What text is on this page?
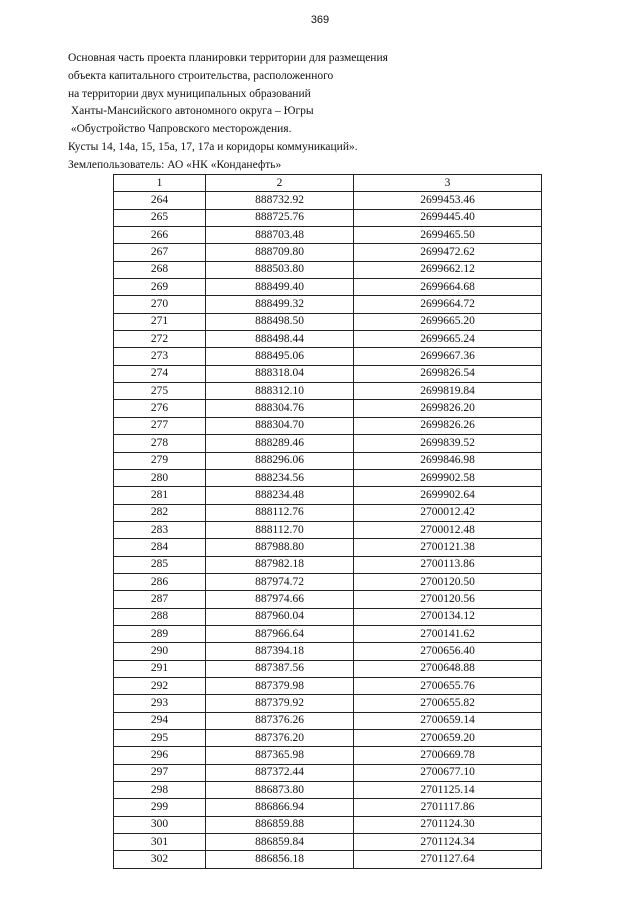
369
Основная часть проекта планировки территории для размещения
объекта капитального строительства, расположенного
на территории двух муниципальных образований
Ханты-Мансийского автономного округа – Югры
«Обустройство Чапровского месторождения.
Кусты 14, 14а, 15, 15а, 17, 17а и коридоры коммуникаций».
Землепользователь: АО «НК «Конданефть»
1	2	3
264	888732.92	2699453.46
265	888725.76	2699445.40
266	888703.48	2699465.50
267	888709.80	2699472.62
268	888503.80	2699662.12
269	888499.40	2699664.68
270	888499.32	2699664.72
271	888498.50	2699665.20
272	888498.44	2699665.24
273	888495.06	2699667.36
274	888318.04	2699826.54
275	888312.10	2699819.84
276	888304.76	2699826.20
277	888304.70	2699826.26
278	888289.46	2699839.52
279	888296.06	2699846.98
280	888234.56	2699902.58
281	888234.48	2699902.64
282	888112.76	2700012.42
283	888112.70	2700012.48
284	887988.80	2700121.38
285	887982.18	2700113.86
286	887974.72	2700120.50
287	887974.66	2700120.56
288	887960.04	2700134.12
289	887966.64	2700141.62
290	887394.18	2700656.40
291	887387.56	2700648.88
292	887379.98	2700655.76
293	887379.92	2700655.82
294	887376.26	2700659.14
295	887376.20	2700659.20
296	887365.98	2700669.78
297	887372.44	2700677.10
298	886873.80	2701125.14
299	886866.94	2701117.86
300	886859.88	2701124.30
301	886859.84	2701124.34
302	886856.18	2701127.64
